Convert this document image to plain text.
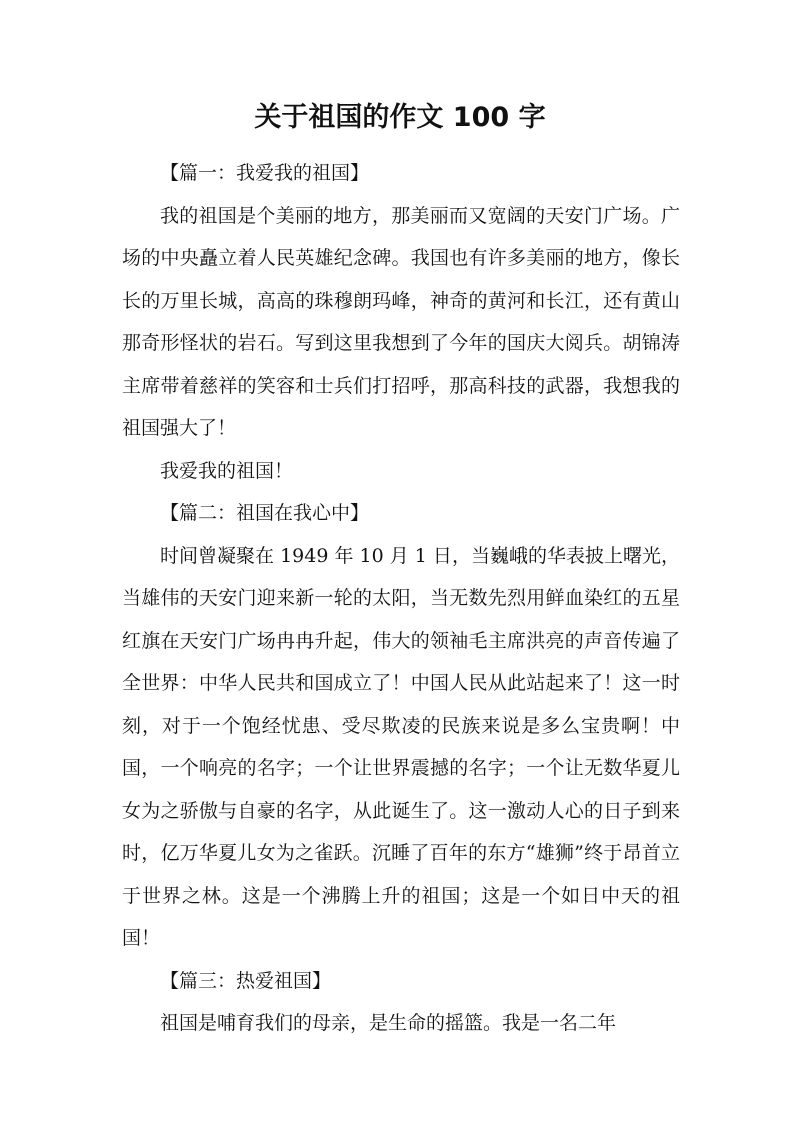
关于祖国的作文 100 字

【篇一：我爱我的祖国】

我的祖国是个美丽的地方，那美丽而又宽阔的天安门广场。广场的中央矗立着人民英雄纪念碑。我国也有许多美丽的地方，像长长的万里长城，高高的珠穆朗玛峰，神奇的黄河和长江，还有黄山那奇形怪状的岩石。写到这里我想到了今年的国庆大阅兵。胡锦涛主席带着慈祥的笑容和士兵们打招呼，那高科技的武器，我想我的祖国强大了！

我爱我的祖国！

【篇二：祖国在我心中】

时间曾凝聚在 1949 年 10 月 1 日，当巍峨的华表披上曙光，当雄伟的天安门迎来新一轮的太阳，当无数先烈用鲜血染红的五星红旗在天安门广场冉冉升起，伟大的领袖毛主席洪亮的声音传遍了全世界：中华人民共和国成立了！中国人民从此站起来了！这一时刻，对于一个饱经忧患、受尽欺凌的民族来说是多么宝贵啊！中国，一个响亮的名字；一个让世界震撼的名字；一个让无数华夏儿女为之骄傲与自豪的名字，从此诞生了。这一激动人心的日子到来时，亿万华夏儿女为之雀跃。沉睡了百年的东方“雄狮”终于昂首立于世界之林。这是一个沸腾上升的祖国；这是一个如日中天的祖国！

【篇三：热爱祖国】

祖国是哺育我们的母亲，是生命的摇篮。我是一名二年
